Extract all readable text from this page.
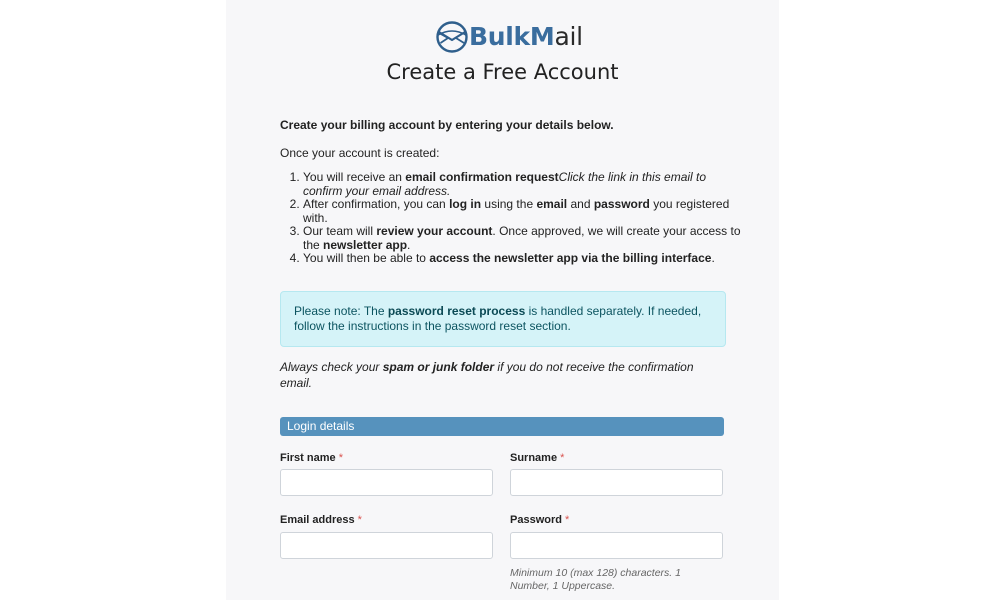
BulkMail
Create a Free Account

Create your billing account by entering your details below.

Once your account is created:

1. You will receive an email confirmation requestClick the link in this email to confirm your email address.
2. After confirmation, you can log in using the email and password you registered with.
3. Our team will review your account. Once approved, we will create your access to the newsletter app.
4. You will then be able to access the newsletter app via the billing interface.
Please note: The password reset process is handled separately. If needed, follow the instructions in the password reset section.

Always check your spam or junk folder if you do not receive the confirmation email.

Login details
First name *	Surname *
Email address *	Password *

Minimum 10 (max 128) characters. 1 Number, 1 Uppercase.
